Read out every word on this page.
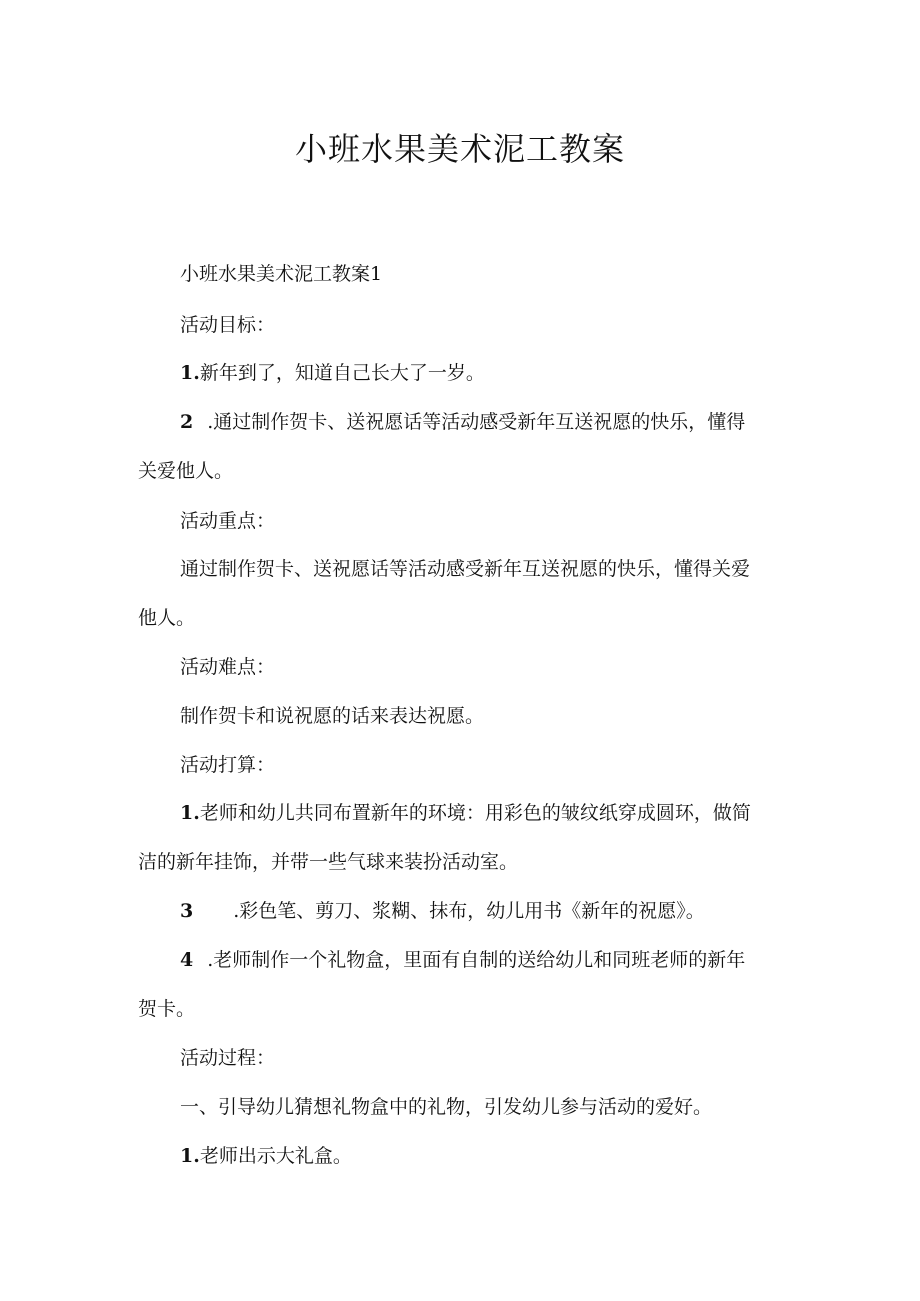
小班水果美术泥工教案
小班水果美术泥工教案1
活动目标：
1.新年到了，知道自己长大了一岁。
2 .通过制作贺卡、送祝愿话等活动感受新年互送祝愿的快乐，懂得
关爱他人。
活动重点：
通过制作贺卡、送祝愿话等活动感受新年互送祝愿的快乐，懂得关爱
他人。
活动难点：
制作贺卡和说祝愿的话来表达祝愿。
活动打算：
1.老师和幼儿共同布置新年的环境：用彩色的皱纹纸穿成圆环，做简
洁的新年挂饰，并带一些气球来装扮活动室。
3 .彩色笔、剪刀、浆糊、抹布，幼儿用书《新年的祝愿》。
4 .老师制作一个礼物盒，里面有自制的送给幼儿和同班老师的新年
贺卡。
活动过程：
一、引导幼儿猜想礼物盒中的礼物，引发幼儿参与活动的爱好。
1.老师出示大礼盒。
